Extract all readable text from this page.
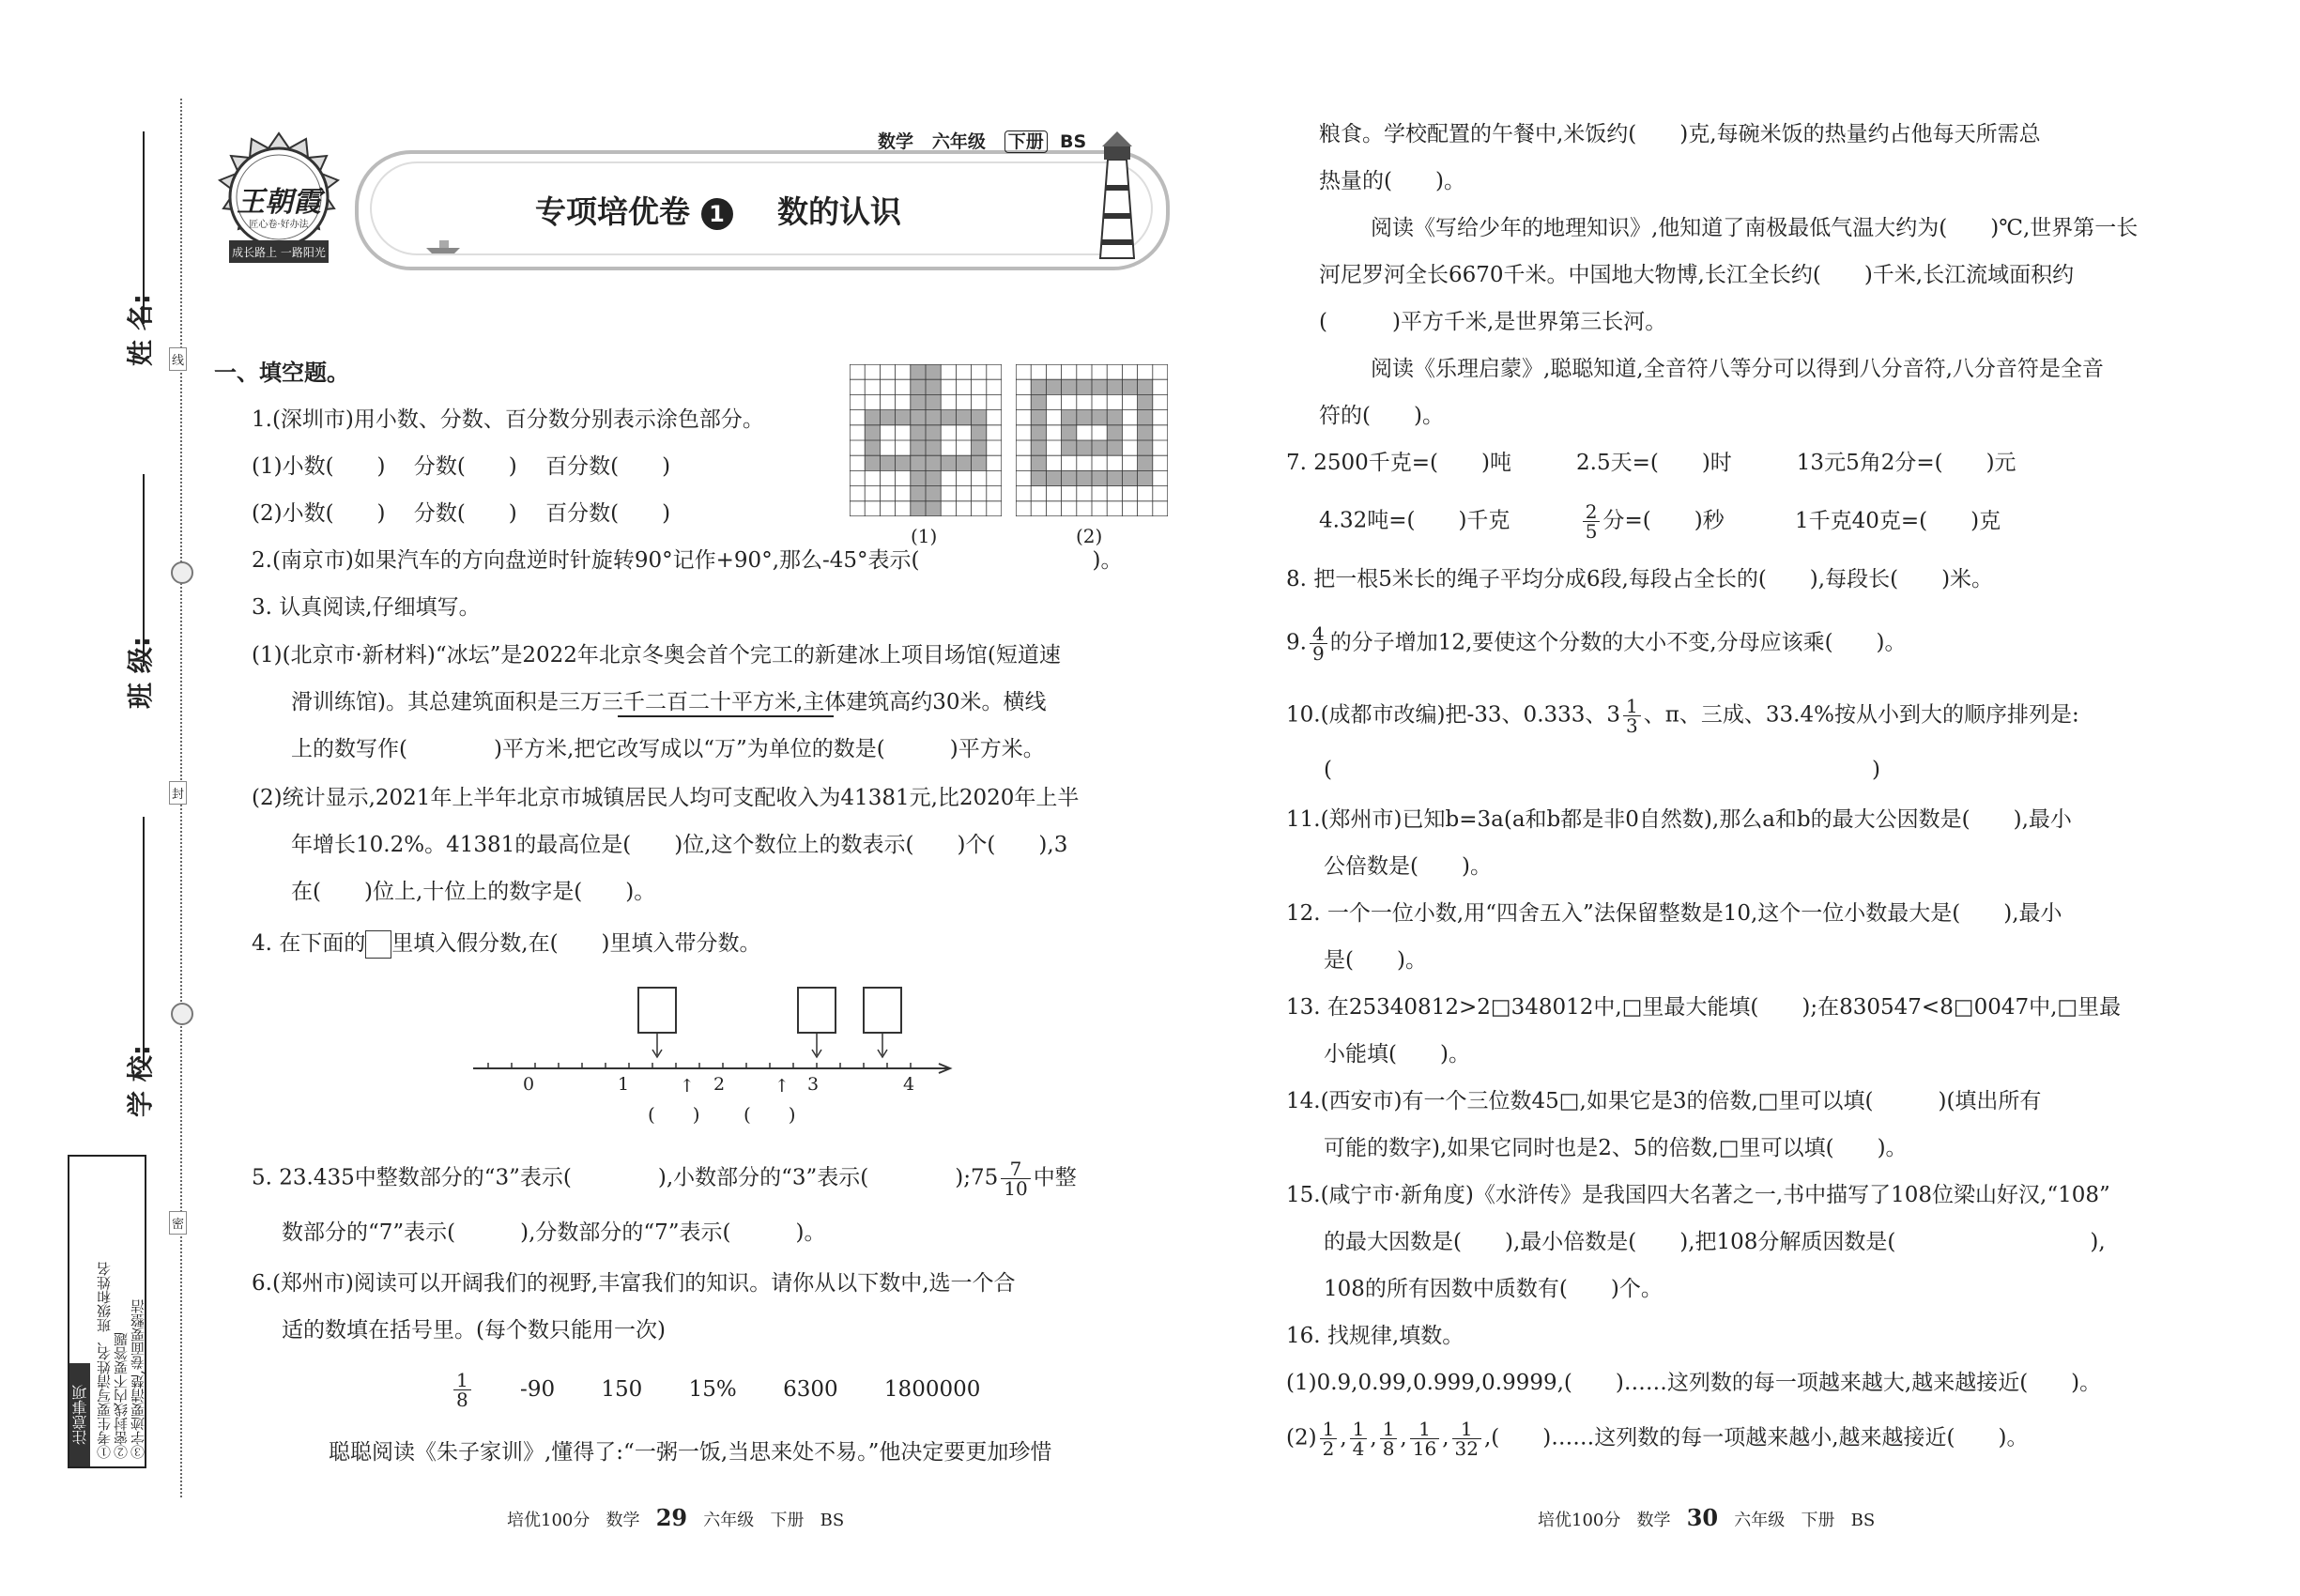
线
封
密
姓 名:
班 级:
学 校:
注意事项 ①考生要写清姓名、班级和姓名 ②密封线内不要答题 ③字迹要清楚,卷面要整洁
王朝霞
匠心卷·好办法
成长路上 一路阳光
数学 六年级 下册 BS
专项培优卷 1 数的认识
一、填空题。
1.(深圳市)用小数、分数、百分数分别表示涂色部分。
(1)小数(　　)　 分数(　　)　 百分数(　　)
(2)小数(　　)　 分数(　　)　 百分数(　　)
(1)	(2)
2.(南京市)如果汽车的方向盘逆时针旋转90°记作+90°,那么-45°表示(　　　　　　　　)。
3. 认真阅读,仔细填写。
(1)(北京市·新材料)“冰坛”是2022年北京冬奥会首个完工的新建冰上项目场馆(短道速
滑训练馆)。其总建筑面积是三万三千二百二十平方米,主体建筑高约30米。横线
上的数写作(　　　　)平方米,把它改写成以“万”为单位的数是(　　　)平方米。
(2)统计显示,2021年上半年北京市城镇居民人均可支配收入为41381元,比2020年上半
年增长10.2%。41381的最高位是(　　)位,这个数位上的数表示(　　)个(　　),3
在(　　)位上,十位上的数字是(　　)。
4. 在下面的 里填入假分数,在(　　)里填入带分数。
0	1	2	3	4
↑	↑
(　　) (　　)
5. 23.435中整数部分的“3”表示(　　　　),小数部分的“3”表示(　　　　);75 $\frac{7}{10}$ 中整
数部分的“7”表示(　　　),分数部分的“7”表示(　　　)。
6.(郑州市)阅读可以开阔我们的视野,丰富我们的知识。请你从以下数中,选一个合
适的数填在括号里。(每个数只能用一次)
$\frac{1}{8} -90$ 150 15% 6300 1800000
聪聪阅读《朱子家训》,懂得了:“一粥一饭,当思来处不易。”他决定要更加珍惜
培优100分 数学 29 六年级 下册 BS
粮食。学校配置的午餐中,米饭约(　　)克,每碗米饭的热量约占他每天所需总
热量的(　　)。
阅读《写给少年的地理知识》,他知道了南极最低气温大约为(　　)℃,世界第一长
河尼罗河全长6670千米。中国地大物博,长江全长约(　　)千米,长江流域面积约
(　　　)平方千米,是世界第三长河。
阅读《乐理启蒙》,聪聪知道,全音符八等分可以得到八分音符,八分音符是全音
符的(　　)。
7. 2500千克=(　　)吨　　　2.5天=(　　)时　　　13元5角2分=(　　)元
4.32吨=(　　)千克	$\frac{2}{5}$ 分=(　　)秒	1千克40克=(　　)克
8. 把一根5米长的绳子平均分成6段,每段占全长的(　　),每段长(　　)米。
9. $\frac{4}{9}$ 的分子增加12,要使这个分数的大小不变,分母应该乘(　　)。
10.(成都市改编)把-33、0.333、$3 \frac{1}{3}$ 、π、三成、33.4%按从小到大的顺序排列是:
(　　　　　　　　　　　　　　　　　　　　　　　　　)
11.(郑州市)已知b=3a(a和b都是非0自然数),那么a和b的最大公因数是(　　),最小
公倍数是(　　)。
12. 一个一位小数,用“四舍五入”法保留整数是10,这个一位小数最大是(　　),最小
是(　　)。
13. 在25340812>2□348012中,□里最大能填(　　);在830547<8□0047中,□里最
小能填(　　)。
14.(西安市)有一个三位数45□,如果它是3的倍数,□里可以填(　　　)(填出所有
可能的数字),如果它同时也是2、5的倍数,□里可以填(　　)。
15.(咸宁市·新角度)《水浒传》是我国四大名著之一,书中描写了108位梁山好汉,“108”
的最大因数是(　　),最小倍数是(　　),把108分解质因数是(　　　　　　　　　),
108的所有因数中质数有(　　)个。
16. 找规律,填数。
(1)0.9,0.99,0.999,0.9999,(　　)……这列数的每一项越来越大,越来越接近(　　)。
$(2) \frac{1}{2}$ , $\frac{1}{4}$ , $\frac{1}{8}$ , $\frac{1}{16}$ , $\frac{1}{32}$ ,(　　)……这列数的每一项越来越小,越来越接近(　　)。
培优100分 数学 30 六年级 下册 BS
